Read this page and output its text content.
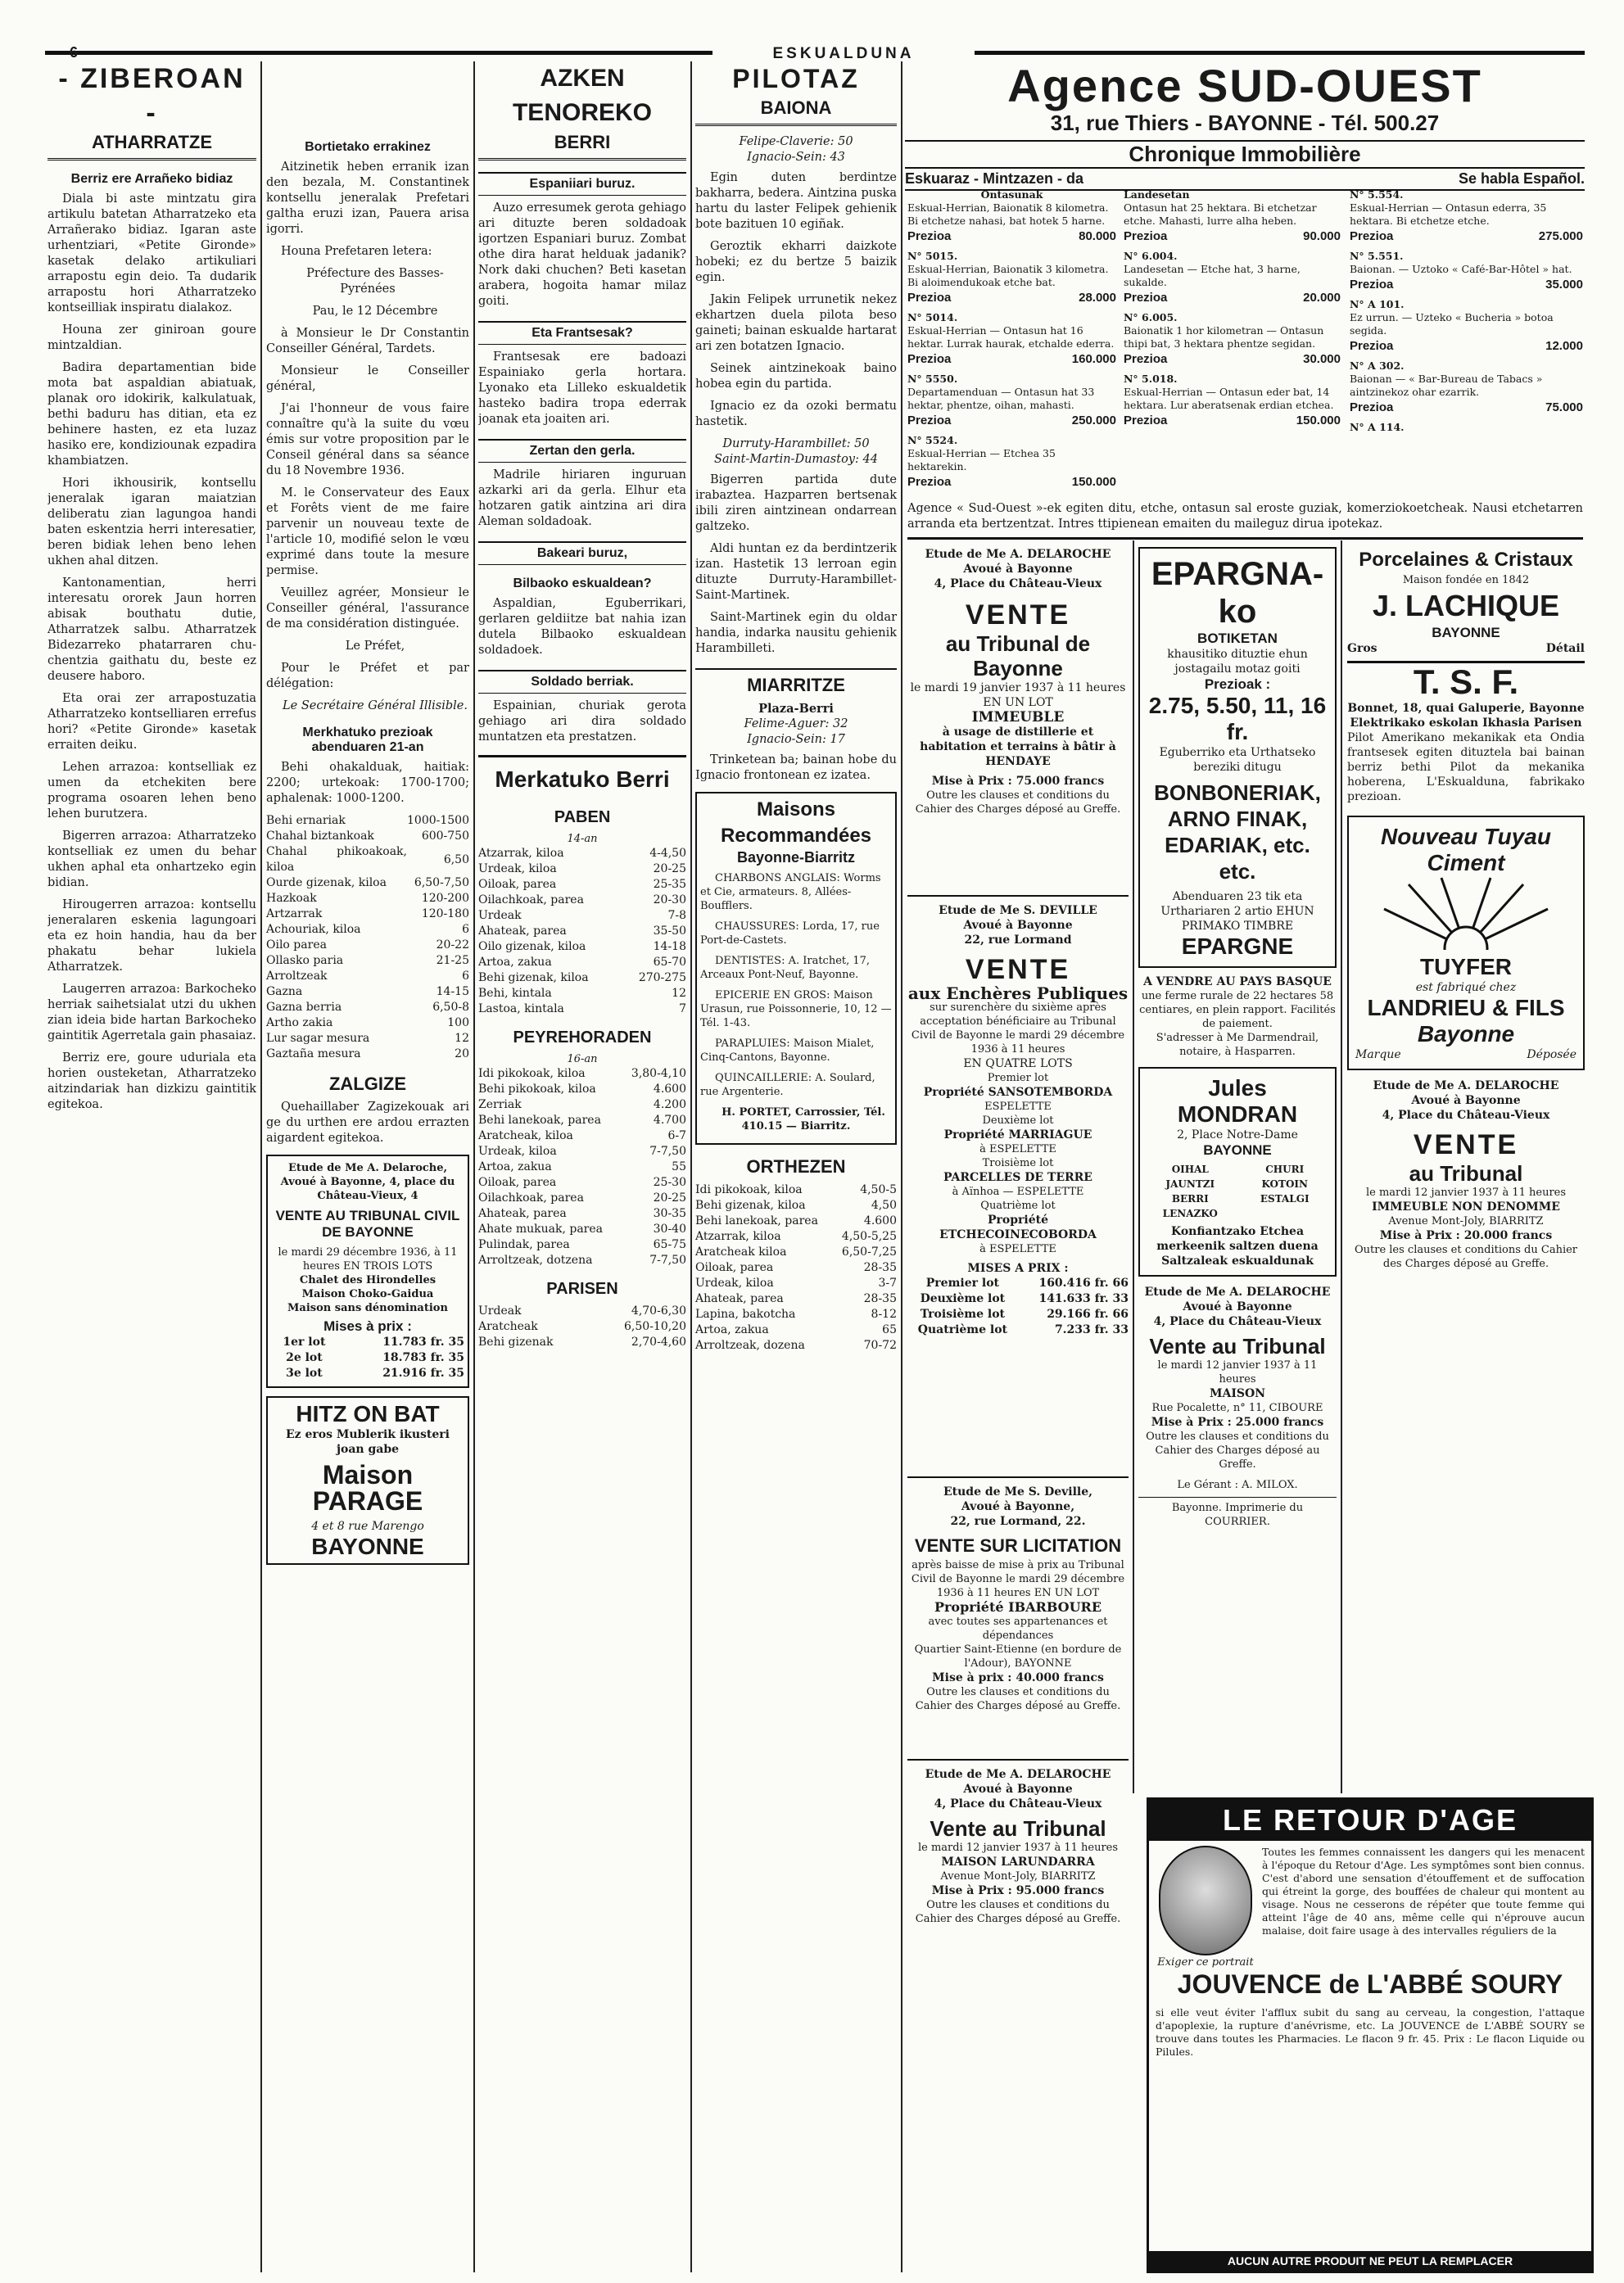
6	ESKUALDUNA
- ZIBEROAN -
ATHARRATZE
Berriz ere Arrañeko bidiaz

Diala bi aste mintzatu gira artikulu batetan Atharratzeko eta Arrañerako bidiaz. Igaran aste urhentziari, «Petite Gironde» kasetak delako artikuliari arrapostu egin deio. Ta dudarik arrapostu hori Atharratzeko kontseilliak inspiratu dialakoz.

Houna zer giniroan goure mintzaldian.

Badira departamentian bide mota bat aspaldian abiatuak, planak oro idokirik, kalkulatuak, bethi baduru has ditian, eta ez behinere hasten, ez eta luzaz hasiko ere, kondiziounak ezpadira khambiatzen.

Hori ikhousirik, kontsellu jeneralak igaran maiatzian deliberatu zian lagungoa handi baten eskentzia herri interesatier, beren bidiak lehen beno lehen ukhen ahal ditzen.

Kantonamentian, herri interesatu ororek Jaun horren abisak bouthatu dutie, Atharratzek salbu. Atharratzek Bidezarreko phatarraren chu-chentzia gaithatu du, beste ez deusere haboro.

Eta orai zer arrapostuzatia Atharratzeko kontselliaren errefus hori? «Petite Gironde» kasetak erraiten deiku.

Lehen arrazoa: kontselliak ez umen da etchekiten bere programa osoaren lehen beno lehen burutzera.

Bigerren arrazoa: Atharratzeko kontselliak ez umen du behar ukhen aphal eta onhartzeko egin bidian.

Hirougerren arrazoa: kontsellu jeneralaren eskenia lagungoari eta ez hoin handia, hau da ber phakatu behar lukiela Atharratzek.

Laugerren arrazoa: Barkocheko herriak saihetsialat utzi du ukhen zian ideia bide hartan Barkocheko gaintitik Agerretala gain phasaiaz.

Berriz ere, goure uduriala eta horien ousteketan, Atharratzeko aitzindariak han dizkizu gaintitik egitekoa.

Bortietako errakinez

Aitzinetik heben erranik izan den bezala, M. Constantinek kontsellu jeneralak Prefetari galtha eruzi izan, Pauera arisa igorri.

Houna Prefetaren letera:

Préfecture des Basses-Pyrénées

Pau, le 12 Décembre

à Monsieur le Dr Constantin Conseiller Général, Tardets.

Monsieur le Conseiller général,

J'ai l'honneur de vous faire connaître qu'à la suite du vœu émis sur votre proposition par le Conseil général dans sa séance du 18 Novembre 1936.

M. le Conservateur des Eaux et Forêts vient de me faire parvenir un nouveau texte de l'article 10, modifié selon le vœu exprimé dans toute la mesure permise.

Veuillez agréer, Monsieur le Conseiller général, l'assurance de ma considération distinguée.

Le Préfet,

Pour le Préfet et par délégation:

Le Secrétaire Général Illisible.

Merkhatuko prezioak abenduaren 21-an

Behi ohakalduak, haitiak: 2200; urtekoak: 1700-1700; aphalenak: 1000-1200.

Behi ernariak	1000-1500
Chahal biztankoak	600-750
Chahal phikoakoak, kiloa	6,50
Ourde gizenak, kiloa	6,50-7,50
Hazkoak	120-200
Artzarrak	120-180
Achouriak, kiloa	6
Oilo parea	20-22
Ollasko paria	21-25
Arroltzeak	6
Gazna	14-15
Gazna berria	6,50-8
Artho zakia	100
Lur sagar mesura	12
Gaztaña mesura	20
ZALGIZE

Quehaillaber Zagizekouak ari ge du urthen ere ardou errazten aigardent egitekoa.

Etude de Me A. Delaroche, Avoué à Bayonne, 4, place du Château-Vieux, 4
VENTE AU TRIBUNAL CIVIL DE BAYONNE
le mardi 29 décembre 1936, à 11 heures EN TROIS LOTS
Chalet des Hirondelles
Maison Choko-Gaidua
Maison sans dénomination
Mises à prix :
1er lot	11.783 fr. 35
2e lot	18.783 fr. 35
3e lot	21.916 fr. 35
HITZ ON BAT
Ez eros Mublerik ikusteri joan gabe
Maison PARAGE
4 et 8 rue Marengo
BAYONNE
AZKEN TENOREKO
BERRI
Espaniiari buruz.

Auzo erresumek gerota gehiago ari dituzte beren soldadoak igortzen Espaniari buruz. Zombat othe dira harat helduak jadanik? Nork daki chuchen? Beti kasetan arabera, hogoita hamar milaz goiti.

Eta Frantsesak?

Frantsesak ere badoazi Espainiako gerla hortara. Lyonako eta Lilleko eskualdetik hasteko badira tropa ederrak joanak eta joaiten ari.

Zertan den gerla.

Madrile hiriaren inguruan azkarki ari da gerla. Elhur eta hotzaren gatik aintzina ari dira Aleman soldadoak.

Bakeari buruz,
Bilbaoko eskualdean?

Aspaldian, Eguberrikari, gerlaren geldiitze bat nahia izan dutela Bilbaoko eskualdean soldadoek.

Soldado berriak.

Espainian, churiak gerota gehiago ari dira soldado muntatzen eta prestatzen.

Merkatuko Berri
PABEN
14-an
Atzarrak, kiloa	4-4,50
Urdeak, kiloa	20-25
Oiloak, parea	25-35
Oilachkoak, parea	20-30
Urdeak	7-8
Ahateak, parea	35-50
Oilo gizenak, kiloa	14-18
Artoa, zakua	65-70
Behi gizenak, kiloa	270-275
Behi, kintala	12
Lastoa, kintala	7
PEYREHORADEN
16-an
Idi pikokoak, kiloa	3,80-4,10
Behi pikokoak, kiloa	4.600
Zerriak	4.200
Behi lanekoak, parea	4.700
Aratcheak, kiloa	6-7
Urdeak, kiloa	7-7,50
Artoa, zakua	55
Oiloak, parea	25-30
Oilachkoak, parea	20-25
Ahateak, parea	30-35
Ahate mukuak, parea	30-40
Pulindak, parea	65-75
Arroltzeak, dotzena	7-7,50
PARISEN
Urdeak	4,70-6,30
Aratcheak	6,50-10,20
Behi gizenak	2,70-4,60
PILOTAZ
BAIONA
Felipe-Claverie: 50
Ignacio-Sein: 43

Egin duten berdintze bakharra, bedera. Aintzina puska hartu du laster Felipek gehienik bote bazituen 10 egiñak.

Geroztik ekharri daizkote hobeki; ez du bertze 5 baizik egin.

Jakin Felipek urrunetik nekez ekhartzen duela pilota beso gaineti; bainan eskualde hartarat ari zen botatzen Ignacio.

Seinek aintzinekoak baino hobea egin du partida.

Ignacio ez da ozoki bermatu hastetik.

Durruty-Harambillet: 50
Saint-Martin-Dumastoy: 44

Bigerren partida dute irabaztea. Hazparren bertsenak ibili ziren aintzinean ondarrean galtzeko.

Aldi huntan ez da berdintzerik izan. Hastetik 13 lerroan egin dituzte Durruty-Harambillet-Saint-Martinek.

Saint-Martinek egin du oldar handia, indarka nausitu gehienik Harambilleti.

MIARRITZE
Plaza-Berri
Felime-Aguer: 32
Ignacio-Sein: 17

Trinketean ba; bainan hobe du Ignacio frontonean ez izatea.

Maisons Recommandées
Bayonne-Biarritz

CHARBONS ANGLAIS: Worms et Cie, armateurs. 8, Allées-Boufflers.

CHAUSSURES: Lorda, 17, rue Port-de-Castets.

DENTISTES: A. Iratchet, 17, Arceaux Pont-Neuf, Bayonne.

EPICERIE EN GROS: Maison Urasun, rue Poissonnerie, 10, 12 — Tél. 1-43.

PARAPLUIES: Maison Mialet, Cinq-Cantons, Bayonne.

QUINCAILLERIE: A. Soulard, rue Argenterie.

H. PORTET, Carrossier, Tél. 410.15 — Biarritz.

ORTHEZEN
Idi pikokoak, kiloa	4,50-5
Behi gizenak, kiloa	4,50
Behi lanekoak, parea	4.600
Atzarrak, kiloa	4,50-5,25
Aratcheak kiloa	6,50-7,25
Oiloak, parea	28-35
Urdeak, kiloa	3-7
Ahateak, parea	28-35
Lapina, bakotcha	8-12
Artoa, zakua	65
Arroltzeak, dozena	70-72
Agence SUD-OUEST
31, rue Thiers - BAYONNE - Tél. 500.27
Chronique Immobilière
Eskuaraz - Mintzazen - da	Se habla Español.
Ontasunak
Eskual-Herrian, Baionatik 8 kilometra. Bi etchetze nahasi, bat hotek 5 harne.
Prezioa	80.000
N° 5015.
Eskual-Herrian, Baionatik 3 kilometra. Bi aloimendukoak etche bat.
Prezioa	28.000
N° 5014.
Eskual-Herrian — Ontasun hat 16 hektar. Lurrak haurak, etchalde ederra.
Prezioa	160.000
N° 5550.
Departamenduan — Ontasun hat 33 hektar, phentze, oihan, mahasti.
Prezioa	250.000
N° 5524.
Eskual-Herrian — Etchea 35 hektarekin.
Prezioa	150.000
Landesetan
Ontasun hat 25 hektara. Bi etchetzar etche. Mahasti, lurre alha heben.
Prezioa	90.000
N° 6.004.
Landesetan — Etche hat, 3 harne, sukalde.
Prezioa	20.000
N° 6.005.
Baionatik 1 hor kilometran — Ontasun thipi bat, 3 hektara phentze segidan.
Prezioa	30.000
N° 5.018.
Eskual-Herrian — Ontasun eder bat, 14 hektara. Lur aberatsenak erdian etchea.
Prezioa	150.000
N° 5.554.
Eskual-Herrian — Ontasun ederra, 35 hektara. Bi etchetze etche.
Prezioa	275.000
N° 5.551.
Baionan. — Uztoko « Café-Bar-Hôtel » hat.
Prezioa	35.000
N° A 101.
Ez urrun. — Uzteko « Bucheria » botoa segida.
Prezioa	12.000
N° A 302.
Baionan — « Bar-Bureau de Tabacs » aintzinekoz ohar ezarrik.
Prezioa	75.000
N° A 114.
Agence « Sud-Ouest »-ek egiten ditu, etche, ontasun sal eroste guziak, komerziokoetcheak. Nausi etchetarren arranda eta bertzentzat. Intres ttipienean emaiten du maileguz dirua ipotekaz.
Etude de Me A. DELAROCHE
Avoué à Bayonne
4, Place du Château-Vieux
VENTE
au Tribunal de Bayonne
le mardi 19 janvier 1937 à 11 heures
EN UN LOT
IMMEUBLE
à usage de distillerie et habitation et terrains à bâtir à HENDAYE
Mise à Prix : 75.000 francs
Outre les clauses et conditions du Cahier des Charges déposé au Greffe.
Etude de Me S. DEVILLE
Avoué à Bayonne
22, rue Lormand
VENTE
aux Enchères Publiques
sur surenchère du sixième après acceptation bénéficiaire au Tribunal Civil de Bayonne le mardi 29 décembre 1936 à 11 heures
EN QUATRE LOTS
Premier lot
Propriété SANSOTEMBORDA
ESPELETTE
Deuxième lot
Propriété MARRIAGUE
à ESPELETTE
Troisième lot
PARCELLES DE TERRE
à Aïnhoa — ESPELETTE
Quatrième lot
Propriété ETCHECOINECOBORDA
à ESPELETTE
MISES A PRIX :
Premier lot	160.416 fr. 66
Deuxième lot	141.633 fr. 33
Troisième lot	29.166 fr. 66
Quatrième lot	7.233 fr. 33
Etude de Me S. Deville,
Avoué à Bayonne,
22, rue Lormand, 22.
VENTE SUR LICITATION
après baisse de mise à prix au Tribunal Civil de Bayonne le mardi 29 décembre 1936 à 11 heures EN UN LOT
Propriété IBARBOURE
avec toutes ses appartenances et dépendances
Quartier Saint-Etienne (en bordure de l'Adour), BAYONNE
Mise à prix : 40.000 francs
Outre les clauses et conditions du Cahier des Charges déposé au Greffe.
Etude de Me A. DELAROCHE
Avoué à Bayonne
4, Place du Château-Vieux
Vente au Tribunal
le mardi 12 janvier 1937 à 11 heures
MAISON LARUNDARRA
Avenue Mont-Joly, BIARRITZ
Mise à Prix : 95.000 francs
Outre les clauses et conditions du Cahier des Charges déposé au Greffe.
EPARGNA-ko
BOTIKETAN
khausitiko dituztie ehun jostagailu motaz goiti
Prezioak :
2.75, 5.50, 11, 16 fr.
Eguberriko eta Urthatseko bereziki ditugu
BONBONERIAK, ARNO FINAK, EDARIAK, etc. etc.
Abenduaren 23 tik eta Urthariaren 2 artio EHUN PRIMAKO TIMBRE
EPARGNE
A VENDRE AU PAYS BASQUE
une ferme rurale de 22 hectares 58 centiares, en plein rapport. Facilités de paiement.
S'adresser à Me Darmendrail, notaire, à Hasparren.
Jules MONDRAN
2, Place Notre-Dame
BAYONNE
OIHAL JAUNTZI BERRI LENAZKO
CHURI KOTOIN ESTALGI
Konfiantzako Etchea merkeenik saltzen duena Saltzaleak eskualdunak
Etude de Me A. DELAROCHE
Avoué à Bayonne
4, Place du Château-Vieux
Vente au Tribunal
le mardi 12 janvier 1937 à 11 heures
MAISON
Rue Pocalette, n° 11, CIBOURE
Mise à Prix : 25.000 francs
Outre les clauses et conditions du Cahier des Charges déposé au Greffe.
Le Gérant : A. MILOX.
Bayonne. Imprimerie du COURRIER.
Porcelaines & Cristaux
Maison fondée en 1842
J. LACHIQUE
BAYONNE
Gros	Détail
T. S. F.
Bonnet, 18, quai Galuperie, Bayonne
Elektrikako eskolan Ikhasia Parisen
Pilot Amerikano mekanikak eta Ondia frantsesek egiten dituztela bai bainan berriz bethi Pilot da mekanika hoberena, L'Eskualduna, fabrikako prezioan.
Nouveau Tuyau Ciment
TUYFER
est fabriqué chez
LANDRIEU & FILS
Bayonne
Marque	Déposée
Etude de Me A. DELAROCHE
Avoué à Bayonne
4, Place du Château-Vieux
VENTE
au Tribunal
le mardi 12 janvier 1937 à 11 heures
IMMEUBLE NON DENOMME
Avenue Mont-Joly, BIARRITZ
Mise à Prix : 20.000 francs
Outre les clauses et conditions du Cahier des Charges déposé au Greffe.
LE RETOUR D'AGE
Exiger ce portrait
Toutes les femmes connaissent les dangers qui les menacent à l'époque du Retour d'Age. Les symptômes sont bien connus. C'est d'abord une sensation d'étouffement et de suffocation qui étreint la gorge, des bouffées de chaleur qui montent au visage. Nous ne cesserons de répéter que toute femme qui atteint l'âge de 40 ans, même celle qui n'éprouve aucun malaise, doit faire usage à des intervalles réguliers de la
JOUVENCE de L'ABBÉ SOURY
si elle veut éviter l'afflux subit du sang au cerveau, la congestion, l'attaque d'apoplexie, la rupture d'anévrisme, etc. La JOUVENCE de L'ABBÉ SOURY se trouve dans toutes les Pharmacies. Le flacon 9 fr. 45. Prix : Le flacon Liquide ou Pilules.
AUCUN AUTRE PRODUIT NE PEUT LA REMPLACER
